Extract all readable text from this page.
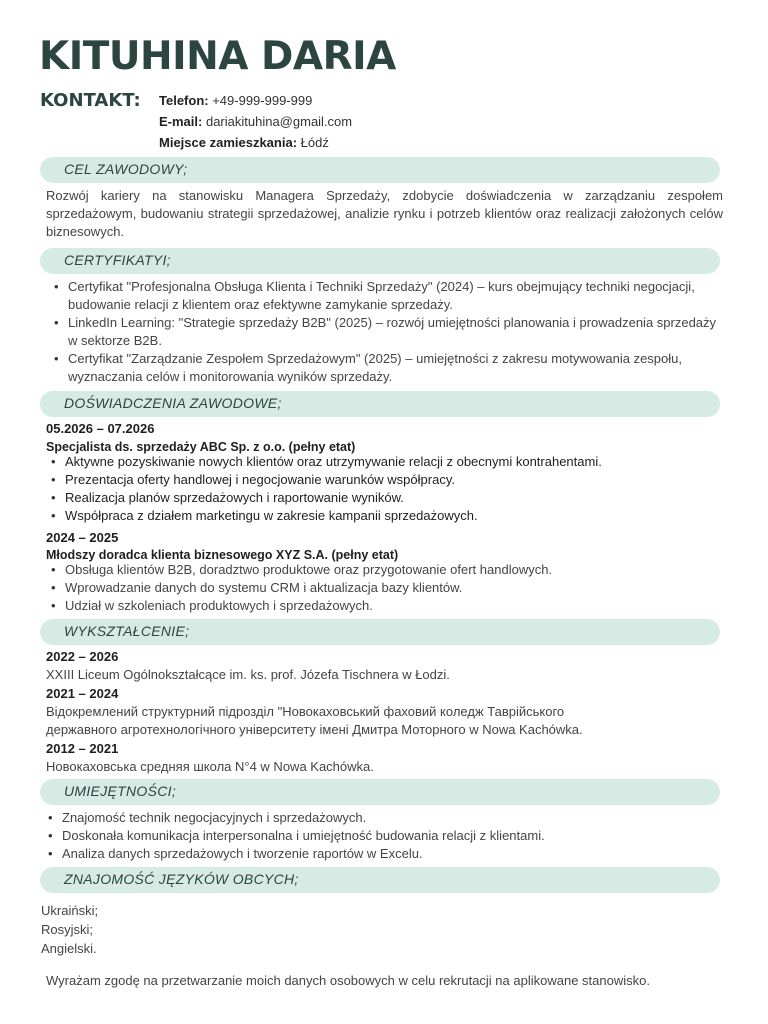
KITUHINA DARIA
KONTAKT: Telefon: +49-999-999-999
E-mail: dariakituhina@gmail.com
Miejsce zamieszkania: Łódź
CEL ZAWODOWY;
Rozwój kariery na stanowisku Managera Sprzedaży, zdobycie doświadczenia w zarządzaniu zespołem sprzedażowym, budowaniu strategii sprzedażowej, analizie rynku i potrzeb klientów oraz realizacji założonych celów biznesowych.
CERTYFIKATYI;
• Certyfikat "Profesjonalna Obsługa Klienta i Techniki Sprzedaży" (2024) – kurs obejmujący techniki negocjacji, budowanie relacji z klientem oraz efektywne zamykanie sprzedaży.
• LinkedIn Learning: "Strategie sprzedaży B2B" (2025) – rozwój umiejętności planowania i prowadzenia sprzedaży w sektorze B2B.
• Certyfikat "Zarządzanie Zespołem Sprzedażowym" (2025) – umiejętności z zakresu motywowania zespołu, wyznaczania celów i monitorowania wyników sprzedaży.
DOŚWIADCZENIA ZAWODOWE;
05.2026 – 07.2026
Specjalista ds. sprzedaży ABC Sp. z o.o. (pełny etat)
• Aktywne pozyskiwanie nowych klientów oraz utrzymywanie relacji z obecnymi kontrahentami.
• Prezentacja oferty handlowej i negocjowanie warunków współpracy.
• Realizacja planów sprzedażowych i raportowanie wyników.
• Współpraca z działem marketingu w zakresie kampanii sprzedażowych.
2024 – 2025
Młodszy doradca klienta biznesowego XYZ S.A. (pełny etat)
• Obsługa klientów B2B, doradztwo produktowe oraz przygotowanie ofert handlowych.
• Wprowadzanie danych do systemu CRM i aktualizacja bazy klientów.
• Udział w szkoleniach produktowych i sprzedażowych.
WYKSZTAŁCENIE;
2022 – 2026
XXIII Liceum Ogólnokształcące im. ks. prof. Józefa Tischnera w Łodzi.
2021 – 2024
Відокремлений структурний підрозділ "Новокаховський фаховий коледж Таврійського
державного агротехнологічного університету імені Дмитра Моторного w Nowa Kachówka.
2012 – 2021
Новокаховська средняя школа N°4 w Nowa Kachówka.
UMIEJĘTNOŚCI;
• Znajomość technik negocjacyjnych i sprzedażowych.
• Doskonała komunikacja interpersonalna i umiejętność budowania relacji z klientami.
• Analiza danych sprzedażowych i tworzenie raportów w Excelu.
ZNAJOMOŚĆ JĘZYKÓW OBCYCH;
Ukraiński;
Rosyjski;
Angielski.
Wyrażam zgodę na przetwarzanie moich danych osobowych w celu rekrutacji na aplikowane stanowisko.
